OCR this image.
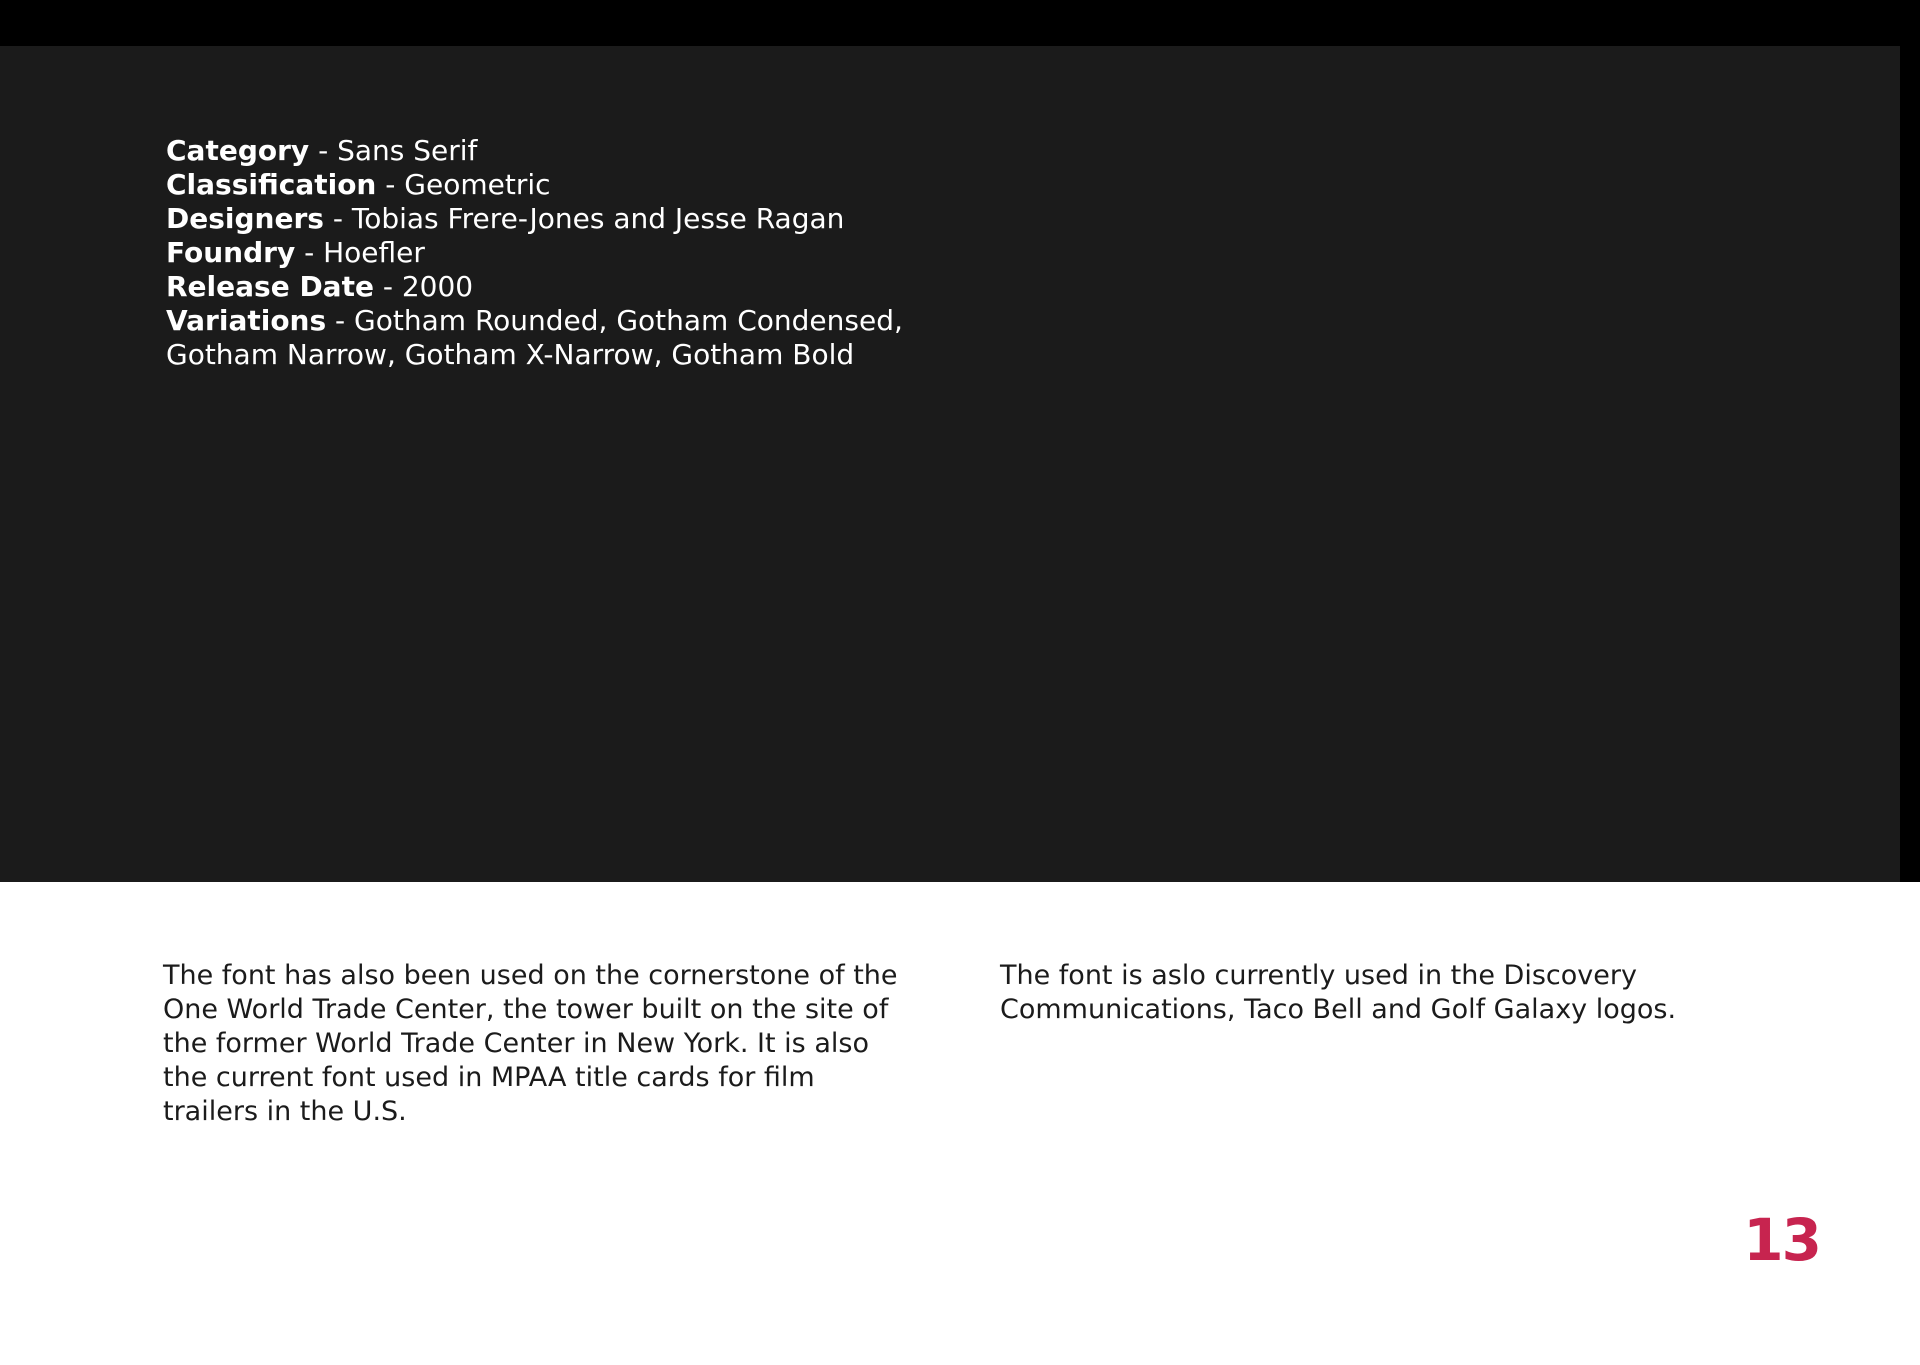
Category - Sans Serif
Classification - Geometric
Designers - Tobias Frere-Jones and Jesse Ragan
Foundry - Hoefler
Release Date - 2000
Variations - Gotham Rounded, Gotham Condensed, Gotham Narrow, Gotham X-Narrow, Gotham Bold

The font has also been used on the cornerstone of the One World Trade Center, the tower built on the site of the former World Trade Center in New York. It is also the current font used in MPAA title cards for film trailers in the U.S.

The font is aslo currently used in the Discovery Communications, Taco Bell and Golf Galaxy logos.

13
